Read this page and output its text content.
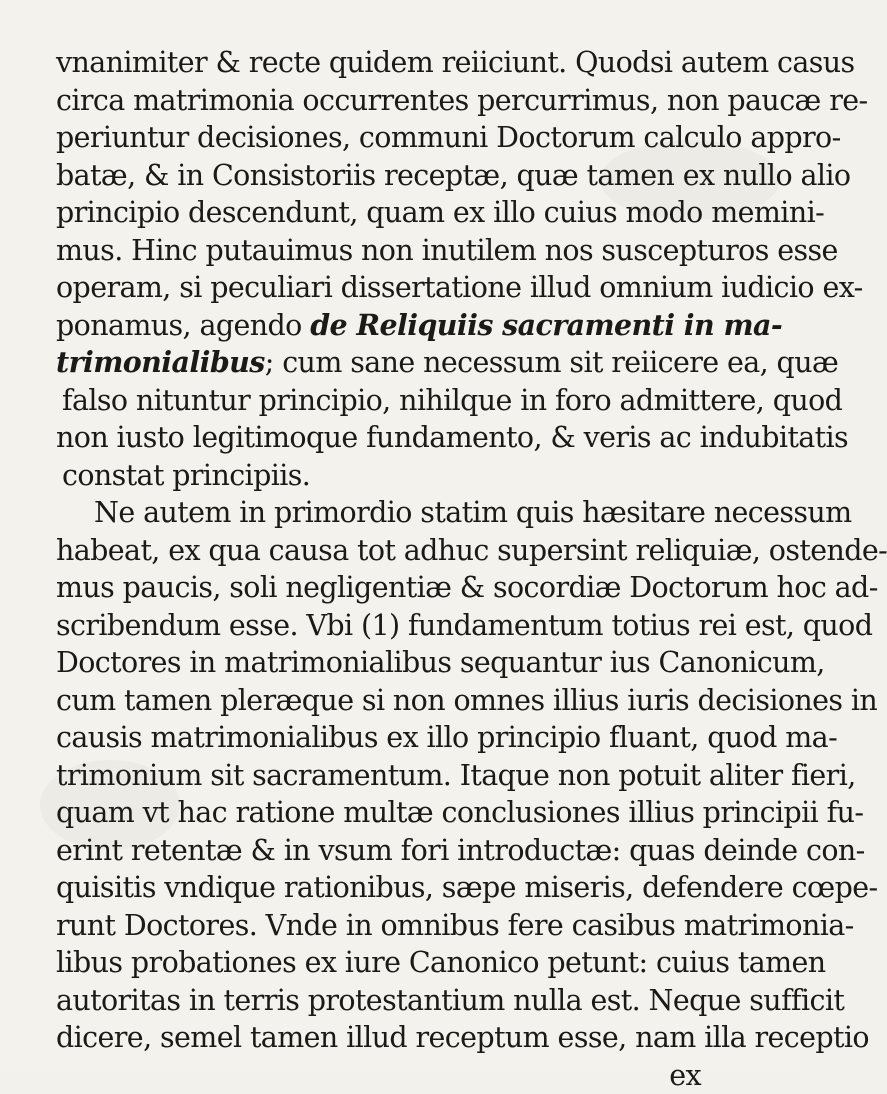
vnanimiter & recte quidem reiiciunt. Quodsi autem casus
circa matrimonia occurrentes percurrimus, non paucæ re-
periuntur decisiones, communi Doctorum calculo appro-
batæ, & in Consistoriis receptæ, quæ tamen ex nullo alio
principio descendunt, quam ex illo cuius modo memini-
mus. Hinc putauimus non inutilem nos suscepturos esse
operam, si peculiari dissertatione illud omnium iudicio ex-
ponamus, agendo de Reliquiis sacramenti in ma-
trimonialibus; cum sane necessum sit reiicere ea, quæ
falso nituntur principio, nihilque in foro admittere, quod
non iusto legitimoque fundamento, & veris ac indubitatis
constat principiis.
Ne autem in primordio statim quis hæsitare necessum
habeat, ex qua causa tot adhuc supersint reliquiæ, ostende-
mus paucis, soli negligentiæ & socordiæ Doctorum hoc ad-
scribendum esse. Vbi (1) fundamentum totius rei est, quod
Doctores in matrimonialibus sequantur ius Canonicum,
cum tamen pleræque si non omnes illius iuris decisiones in
causis matrimonialibus ex illo principio fluant, quod ma-
trimonium sit sacramentum. Itaque non potuit aliter fieri,
quam vt hac ratione multæ conclusiones illius principii fu-
erint retentæ & in vsum fori introductæ: quas deinde con-
quisitis vndique rationibus, sæpe miseris, defendere cœpe-
runt Doctores. Vnde in omnibus fere casibus matrimonia-
libus probationes ex iure Canonico petunt: cuius tamen
autoritas in terris protestantium nulla est. Neque sufficit
dicere, semel tamen illud receptum esse, nam illa receptio
ex
